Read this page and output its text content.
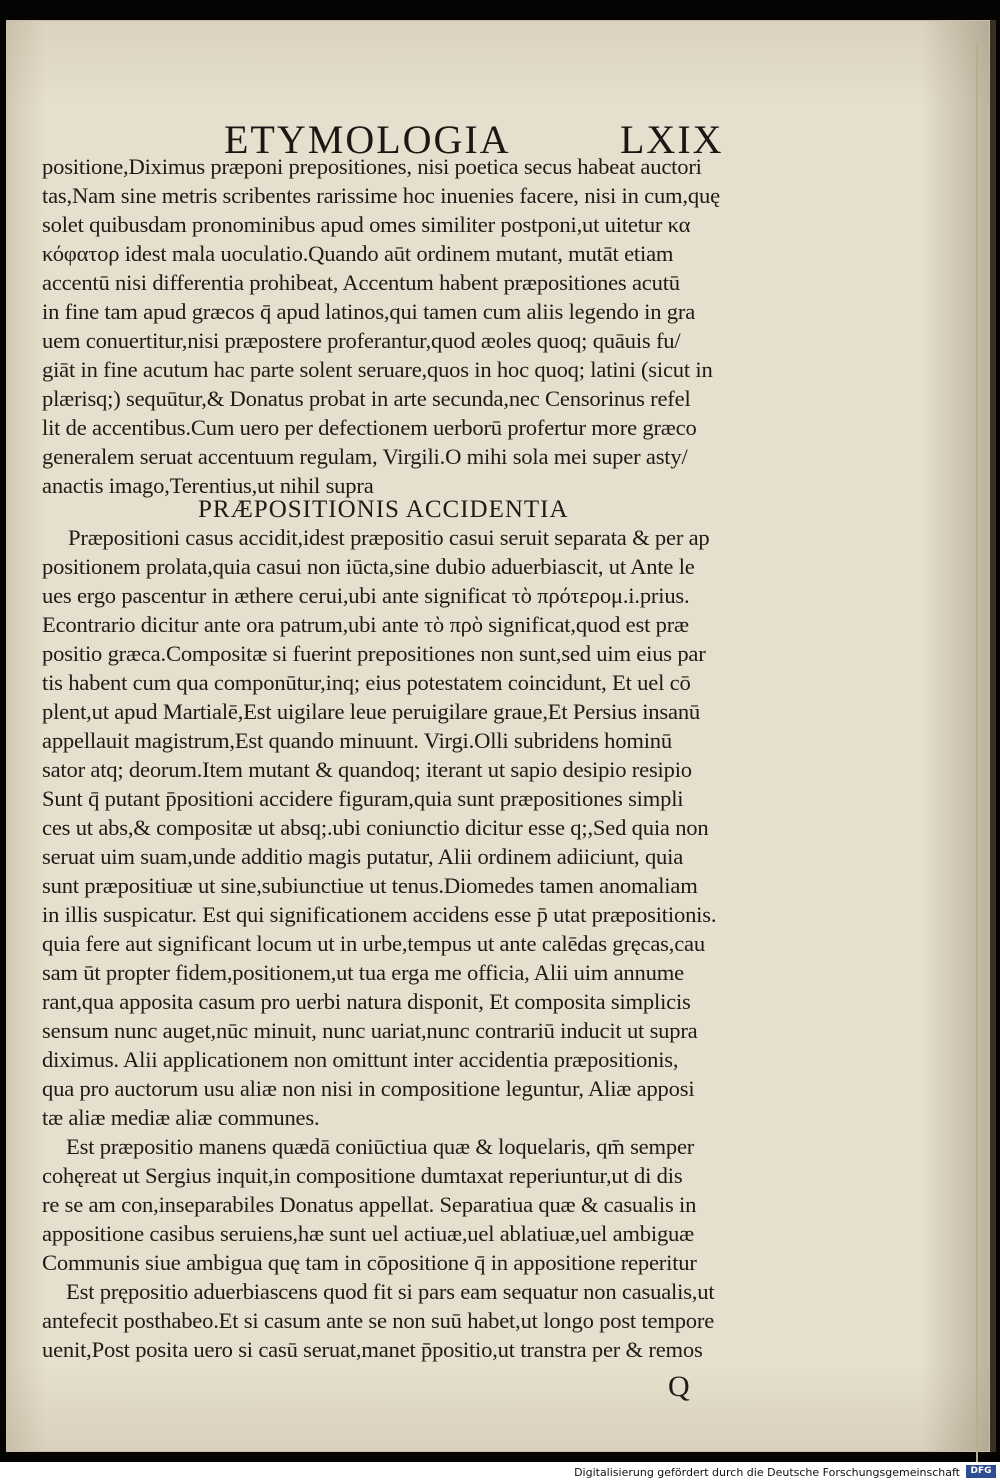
ETYMOLOGIA	LXIX
positione,Diximus præponi prepositiones, nisi poetica secus habeat auctori
tas,Nam sine metris scribentes rarissime hoc inuenies facere, nisi in cum,quę
solet quibusdam pronominibus apud omes similiter postponi,ut uitetur κα
κόφατορ idest mala uoculatio.Quando aūt ordinem mutant, mutāt etiam
accentū nisi differentia prohibeat, Accentum habent præpositiones acutū
in fine tam apud græcos q̄ apud latinos,qui tamen cum aliis legendo in gra
uem conuertitur,nisi præpostere proferantur,quod æoles quoq; quāuis fu/
giāt in fine acutum hac parte solent seruare,quos in hoc quoq; latini (sicut in
plærisq;) sequūtur,& Donatus probat in arte secunda,nec Censorinus refel
lit de accentibus.Cum uero per defectionem uerborū profertur more græco
generalem seruat accentuum regulam, Virgili.O mihi sola mei super asty/
anactis imago,Terentius,ut nihil supra
PRÆPOSITIONIS ACCIDENTIA
Præpositioni casus accidit,idest præpositio casui seruit separata & per ap
positionem prolata,quia casui non iūcta,sine dubio aduerbiascit, ut Ante le
ues ergo pascentur in æthere cerui,ubi ante significat τὸ πρότερομ.i.prius.
Econtrario dicitur ante ora patrum,ubi ante τὸ πρὸ significat,quod est præ
positio græca.Compositæ si fuerint prepositiones non sunt,sed uim eius par
tis habent cum qua componūtur,inq; eius potestatem coincidunt, Et uel cō
plent,ut apud Martialē,Est uigilare leue peruigilare graue,Et Persius insanū
appellauit magistrum,Est quando minuunt. Virgi.Olli subridens hominū
sator atq; deorum.Item mutant & quandoq; iterant ut sapio desipio resipio
Sunt q̄ putant p̄positioni accidere figuram,quia sunt præpositiones simpli
ces ut abs,& compositæ ut absq;.ubi coniunctio dicitur esse q;,Sed quia non
seruat uim suam,unde additio magis putatur, Alii ordinem adiiciunt, quia
sunt præpositiuæ ut sine,subiunctiue ut tenus.Diomedes tamen anomaliam
in illis suspicatur. Est qui significationem accidens esse p̄ utat præpositionis.
quia fere aut significant locum ut in urbe,tempus ut ante calēdas gręcas,cau
sam ūt propter fidem,positionem,ut tua erga me officia, Alii uim annume
rant,qua apposita casum pro uerbi natura disponit, Et composita simplicis
sensum nunc auget,nūc minuit, nunc uariat,nunc contrariū inducit ut supra
diximus. Alii applicationem non omittunt inter accidentia præpositionis,
qua pro auctorum usu aliæ non nisi in compositione leguntur, Aliæ apposi
tæ aliæ mediæ aliæ communes.
Est præpositio manens quædā coniūctiua quæ & loquelaris, qm̄ semper
cohęreat ut Sergius inquit,in compositione dumtaxat reperiuntur,ut di dis
re se am con,inseparabiles Donatus appellat. Separatiua quæ & casualis in
appositione casibus seruiens,hæ sunt uel actiuæ,uel ablatiuæ,uel ambiguæ
Communis siue ambigua quę tam in cōpositione q̄ in appositione reperitur
Est prępositio aduerbiascens quod fit si pars eam sequatur non casualis,ut
antefecit posthabeo.Et si casum ante se non suū habet,ut longo post tempore
uenit,Post posita uero si casū seruat,manet p̄positio,ut transtra per & remos
Q
Digitalisierung gefördert durch die Deutsche Forschungsgemeinschaft	DFG
